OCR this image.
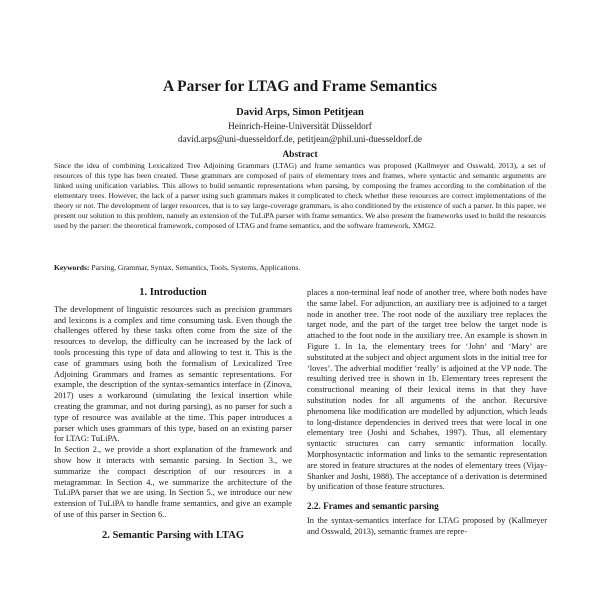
A Parser for LTAG and Frame Semantics
David Arps, Simon Petitjean
Heinrich-Heine-Universität Düsseldorf
david.arps@uni-duesseldorf.de, petitjean@phil.uni-duesseldorf.de
Abstract
Since the idea of combining Lexicalized Tree Adjoining Grammars (LTAG) and frame semantics was proposed (Kallmeyer and Osswald, 2013), a set of resources of this type has been created. These grammars are composed of pairs of elementary trees and frames, where syntactic and semantic arguments are linked using unification variables. This allows to build semantic representations when parsing, by composing the frames according to the combination of the elementary trees. However, the lack of a parser using such grammars makes it complicated to check whether these resources are correct implementations of the theory or not. The development of larger resources, that is to say large-coverage grammars, is also conditioned by the existence of such a parser. In this paper, we present our solution to this problem, namely an extension of the TuLiPA parser with frame semantics. We also present the frameworks used to build the resources used by the parser: the theoretical framework, composed of LTAG and frame semantics, and the software framework, XMG2.
Keywords: Parsing, Grammar, Syntax, Semantics, Tools, Systems, Applications.
1. Introduction

The development of linguistic resources such as precision grammars and lexicons is a complex and time consuming task. Even though the challenges offered by these tasks often come from the size of the resources to develop, the difficulty can be increased by the lack of tools processing this type of data and allowing to test it. This is the case of grammars using both the formalism of Lexicalized Tree Adjoining Grammars and frames as semantic representations. For example, the description of the syntax-semantics interface in (Zinova, 2017) uses a workaround (simulating the lexical insertion while creating the grammar, and not during parsing), as no parser for such a type of resource was available at the time. This paper introduces a parser which uses grammars of this type, based on an existing parser for LTAG: TuLiPA.

In Section 2., we provide a short explanation of the framework and show how it interacts with semantic parsing. In Section 3., we summarize the compact description of our resources in a metagrammar. In Section 4., we summarize the architecture of the TuLiPA parser that we are using. In Section 5., we introduce our new extension of TuLiPA to handle frame semantics, and give an example of use of this parser in Section 6..

2. Semantic Parsing with LTAG

places a non-terminal leaf node of another tree, where both nodes have the same label. For adjunction, an auxiliary tree is adjoined to a target node in another tree. The root node of the auxiliary tree replaces the target node, and the part of the target tree below the target node is attached to the foot node in the auxiliary tree. An example is shown in Figure 1. In 1a, the elementary trees for ‘John’ and ‘Mary’ are substituted at the subject and object argument slots in the initial tree for ‘loves’. The adverbial modifier ‘really’ is adjoined at the VP node. The resulting derived tree is shown in 1b. Elementary trees represent the constructional meaning of their lexical items in that they have substitution nodes for all arguments of the anchor. Recursive phenomena like modification are modelled by adjunction, which leads to long-distance dependencies in derived trees that were local in one elementary tree (Joshi and Schabes, 1997). Thus, all elementary syntactic structures can carry semantic information locally. Morphosyntactic information and links to the semantic representation are stored in feature structures at the nodes of elementary trees (Vijay-Shanker and Joshi, 1988). The acceptance of a derivation is determined by unification of those feature structures.

2.2. Frames and semantic parsing

In the syntax-semantics interface for LTAG proposed by (Kallmeyer and Osswald, 2013), semantic frames are repre-
